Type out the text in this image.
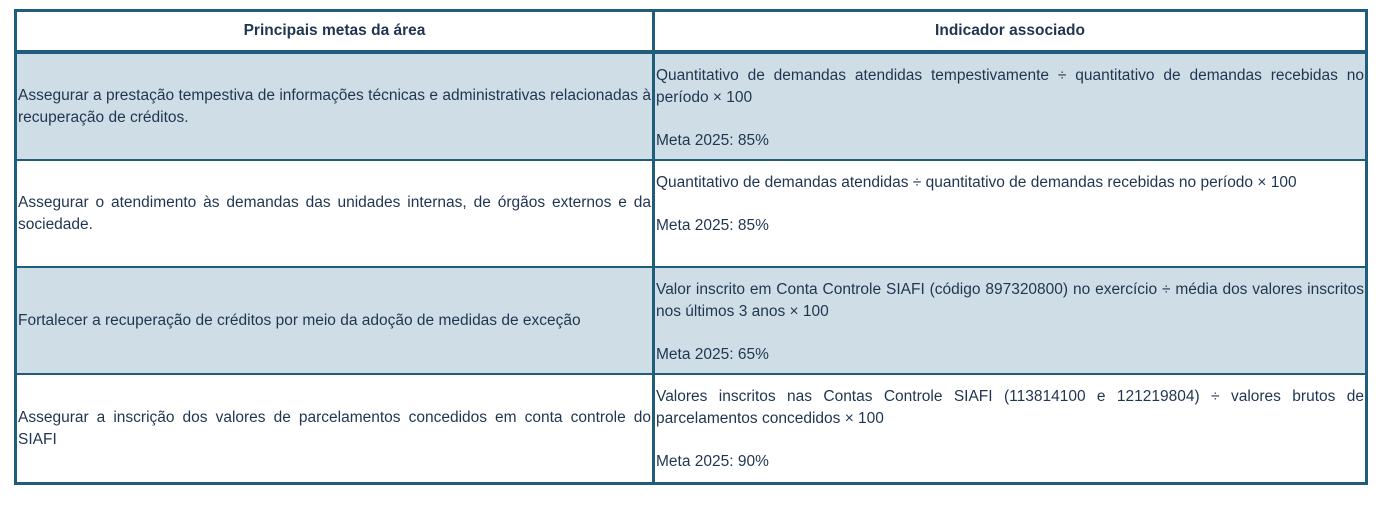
Principais metas da área	Indicador associado
Assegurar a prestação tempestiva de informações técnicas e administrativas relacionadas à recuperação de créditos.
Quantitativo de demandas atendidas tempestivamente ÷ quantitativo de demandas recebidas no período × 100
Meta 2025: 85%
Assegurar o atendimento às demandas das unidades internas, de órgãos externos e da sociedade.
Quantitativo de demandas atendidas ÷ quantitativo de demandas recebidas no período × 100
Meta 2025: 85%
Fortalecer a recuperação de créditos por meio da adoção de medidas de exceção
Valor inscrito em Conta Controle SIAFI (código 897320800) no exercício ÷ média dos valores inscritos nos últimos 3 anos × 100
Meta 2025: 65%
Assegurar a inscrição dos valores de parcelamentos concedidos em conta controle do SIAFI
Valores inscritos nas Contas Controle SIAFI (113814100 e 121219804) ÷ valores brutos de parcelamentos concedidos × 100
Meta 2025: 90%
